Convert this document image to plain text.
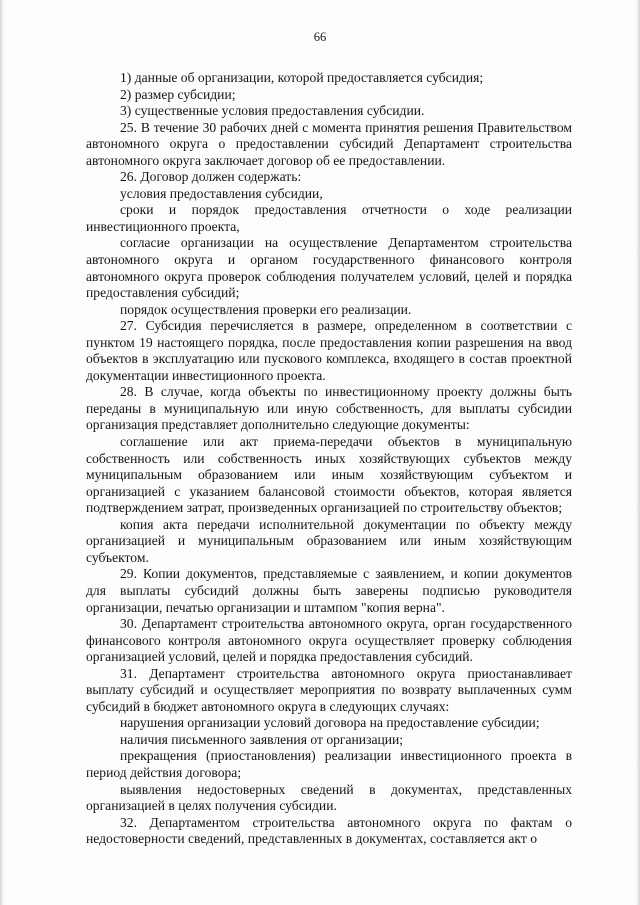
66

1) данные об организации, которой предоставляется субсидия;

2) размер субсидии;

3) существенные условия предоставления субсидии.

25. В течение 30 рабочих дней с момента принятия решения Правительством автономного округа о предоставлении субсидий Департамент строительства автономного округа заключает договор об ее предоставлении.

26. Договор должен содержать:

условия предоставления субсидии,

сроки и порядок предоставления отчетности о ходе реализации инвестиционного проекта,

согласие организации на осуществление Департаментом строительства автономного округа и органом государственного финансового контроля автономного округа проверок соблюдения получателем условий, целей и порядка предоставления субсидий;

порядок осуществления проверки его реализации.

27. Субсидия перечисляется в размере, определенном в соответствии с пунктом 19 настоящего порядка, после предоставления копии разрешения на ввод объектов в эксплуатацию или пускового комплекса, входящего в состав проектной документации инвестиционного проекта.

28. В случае, когда объекты по инвестиционному проекту должны быть переданы в муниципальную или иную собственность, для выплаты субсидии организация представляет дополнительно следующие документы:

соглашение или акт приема-передачи объектов в муниципальную собственность или собственность иных хозяйствующих субъектов между муниципальным образованием или иным хозяйствующим субъектом и организацией с указанием балансовой стоимости объектов, которая является подтверждением затрат, произведенных организацией по строительству объектов;

копия акта передачи исполнительной документации по объекту между организацией и муниципальным образованием или иным хозяйствующим субъектом.

29. Копии документов, представляемые с заявлением, и копии документов для выплаты субсидий должны быть заверены подписью руководителя организации, печатью организации и штампом "копия верна".

30. Департамент строительства автономного округа, орган государственного финансового контроля автономного округа осуществляет проверку соблюдения организацией условий, целей и порядка предоставления субсидий.

31. Департамент строительства автономного округа приостанавливает выплату субсидий и осуществляет мероприятия по возврату выплаченных сумм субсидий в бюджет автономного округа в следующих случаях:

нарушения организации условий договора на предоставление субсидии;

наличия письменного заявления от организации;

прекращения (приостановления) реализации инвестиционного проекта в период действия договора;

выявления недостоверных сведений в документах, представленных организацией в целях получения субсидии.

32. Департаментом строительства автономного округа по фактам о недостоверности сведений, представленных в документах, составляется акт о
